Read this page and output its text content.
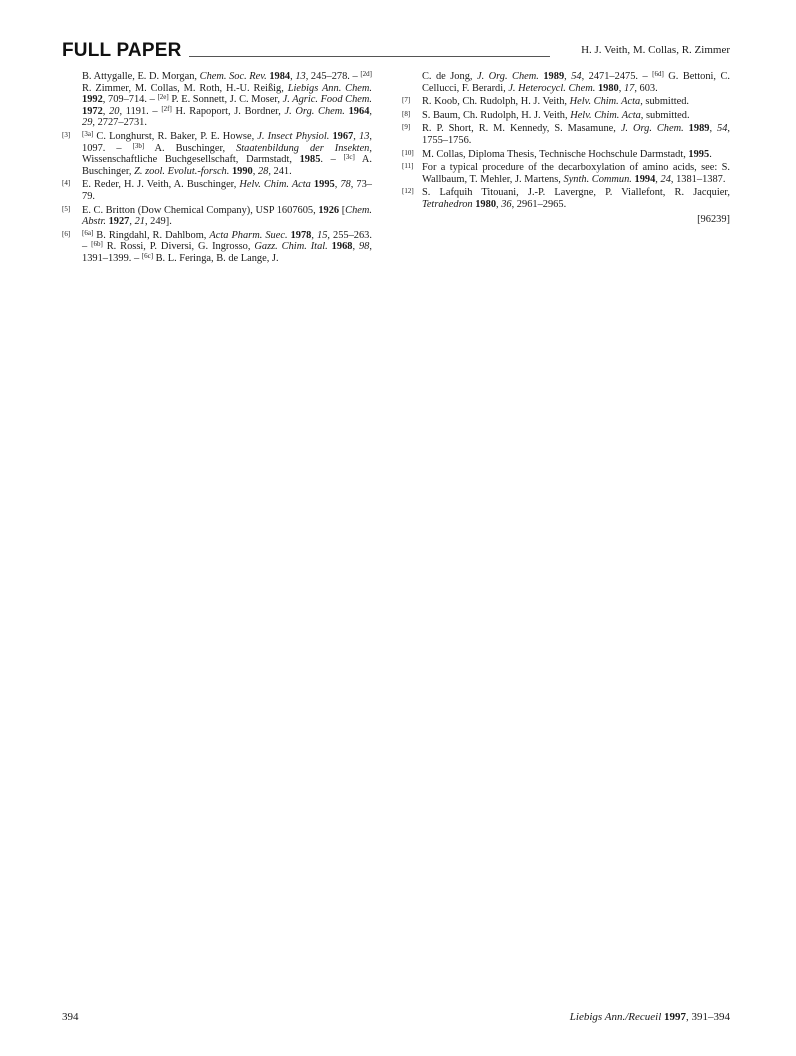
FULL PAPER	H. J. Veith, M. Collas, R. Zimmer
B. Attygalle, E. D. Morgan, Chem. Soc. Rev. 1984, 13, 245–278. – [2d] R. Zimmer, M. Collas, M. Roth, H.-U. Reißig, Liebigs Ann. Chem. 1992, 709–714. – [2e] P. E. Sonnett, J. C. Moser, J. Agric. Food Chem. 1972, 20, 1191. – [2f] H. Rapoport, J. Bordner, J. Org. Chem. 1964, 29, 2727–2731.
[3] [3a] C. Longhurst, R. Baker, P. E. Howse, J. Insect Physiol. 1967, 13, 1097. – [3b] A. Buschinger, Staatenbildung der Insekten, Wissenschaftliche Buchgesellschaft, Darmstadt, 1985. – [3c] A. Buschinger, Z. zool. Evolut.-forsch. 1990, 28, 241.
[4] E. Reder, H. J. Veith, A. Buschinger, Helv. Chim. Acta 1995, 78, 73–79.
[5] E. C. Britton (Dow Chemical Company), USP 1607605, 1926 [Chem. Abstr. 1927, 21, 249].
[6] [6a] B. Ringdahl, R. Dahlbom, Acta Pharm. Suec. 1978, 15, 255–263. – [6b] R. Rossi, P. Diversi, G. Ingrosso, Gazz. Chim. Ital. 1968, 98, 1391–1399. – [6c] B. L. Feringa, B. de Lange, J.
C. de Jong, J. Org. Chem. 1989, 54, 2471–2475. – [6d] G. Bettoni, C. Cellucci, F. Berardi, J. Heterocycl. Chem. 1980, 17, 603.
[7] R. Koob, Ch. Rudolph, H. J. Veith, Helv. Chim. Acta, submitted.
[8] S. Baum, Ch. Rudolph, H. J. Veith, Helv. Chim. Acta, submitted.
[9] R. P. Short, R. M. Kennedy, S. Masamune, J. Org. Chem. 1989, 54, 1755–1756.
[10] M. Collas, Diploma Thesis, Technische Hochschule Darmstadt, 1995.
[11] For a typical procedure of the decarboxylation of amino acids, see: S. Wallbaum, T. Mehler, J. Martens, Synth. Commun. 1994, 24, 1381–1387.
[12] S. Lafquih Titouani, J.-P. Lavergne, P. Viallefont, R. Jacquier, Tetrahedron 1980, 36, 2961–2965.
[96239]
394	Liebigs Ann./Recueil 1997, 391–394
